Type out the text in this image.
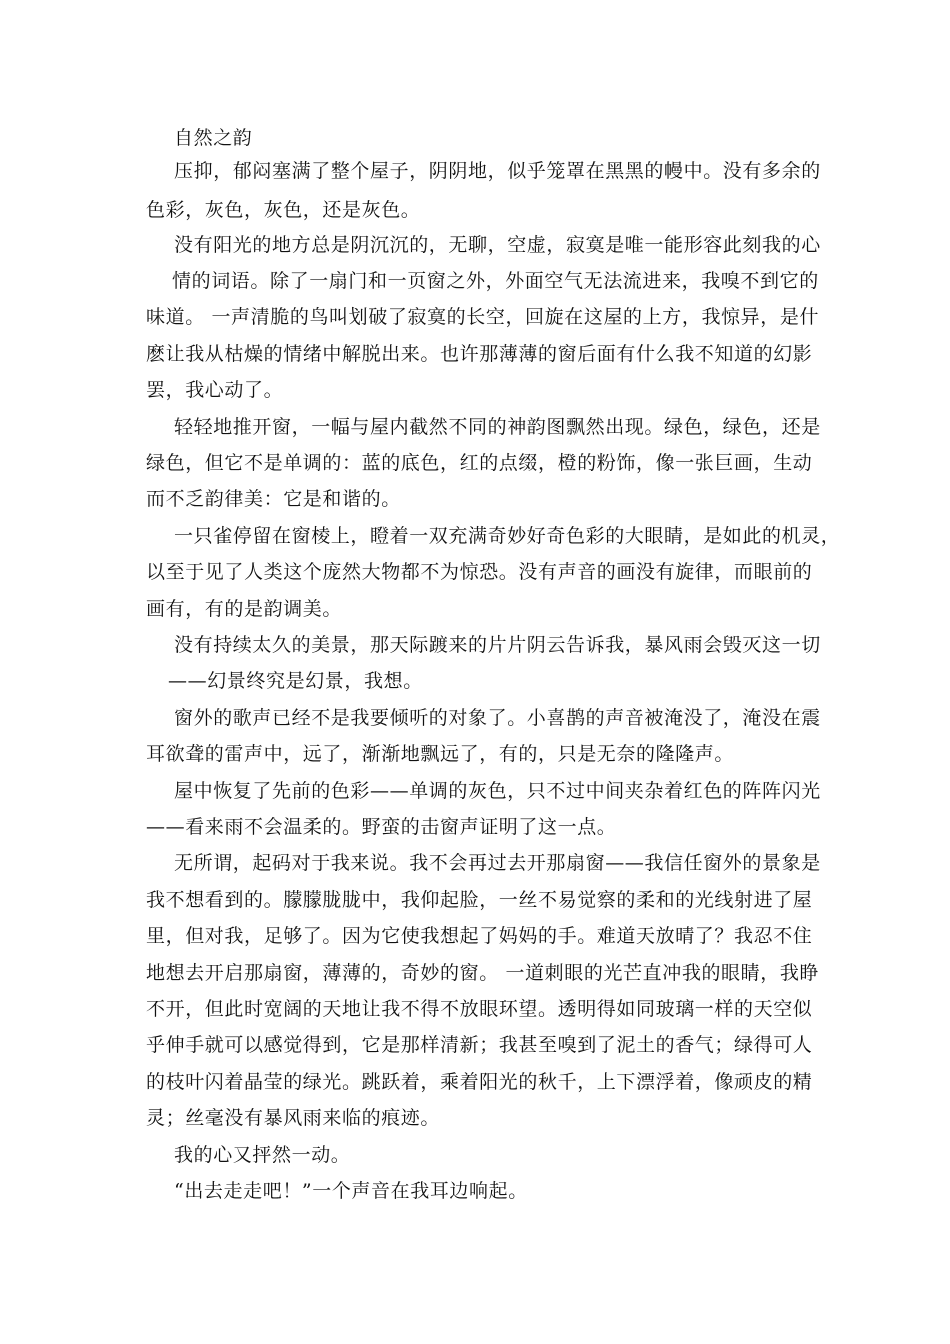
自然之韵
压抑，郁闷塞满了整个屋子，阴阴地，似乎笼罩在黑黑的幔中。没有多余的
色彩，灰色，灰色，还是灰色。
没有阳光的地方总是阴沉沉的，无聊，空虚，寂寞是唯一能形容此刻我的心
情的词语。除了一扇门和一页窗之外，外面空气无法流进来，我嗅不到它的
味道。 一声清脆的鸟叫划破了寂寞的长空，回旋在这屋的上方，我惊异，是什
麽让我从枯燥的情绪中解脱出来。也许那薄薄的窗后面有什么我不知道的幻影
罢，我心动了。
轻轻地推开窗，一幅与屋内截然不同的神韵图飘然出现。绿色，绿色，还是
绿色，但它不是单调的：蓝的底色，红的点缀，橙的粉饰，像一张巨画，生动
而不乏韵律美：它是和谐的。
一只雀停留在窗棱上，瞪着一双充满奇妙好奇色彩的大眼睛，是如此的机灵，
以至于见了人类这个庞然大物都不为惊恐。没有声音的画没有旋律，而眼前的
画有，有的是韵调美。
没有持续太久的美景，那天际踱来的片片阴云告诉我，暴风雨会毁灭这一切
——幻景终究是幻景，我想。
窗外的歌声已经不是我要倾听的对象了。小喜鹊的声音被淹没了，淹没在震
耳欲聋的雷声中，远了，渐渐地飘远了，有的，只是无奈的隆隆声。
屋中恢复了先前的色彩——单调的灰色，只不过中间夹杂着红色的阵阵闪光
——看来雨不会温柔的。野蛮的击窗声证明了这一点。
无所谓，起码对于我来说。我不会再过去开那扇窗——我信任窗外的景象是
我不想看到的。朦朦胧胧中，我仰起脸，一丝不易觉察的柔和的光线射进了屋
里，但对我，足够了。因为它使我想起了妈妈的手。难道天放晴了？我忍不住
地想去开启那扇窗，薄薄的，奇妙的窗。 一道刺眼的光芒直冲我的眼睛，我睁
不开，但此时宽阔的天地让我不得不放眼环望。透明得如同玻璃一样的天空似
乎伸手就可以感觉得到，它是那样清新；我甚至嗅到了泥土的香气；绿得可人
的枝叶闪着晶莹的绿光。跳跃着，乘着阳光的秋千，上下漂浮着，像顽皮的精
灵；丝毫没有暴风雨来临的痕迹。
我的心又抨然一动。
“出去走走吧！”一个声音在我耳边响起。
